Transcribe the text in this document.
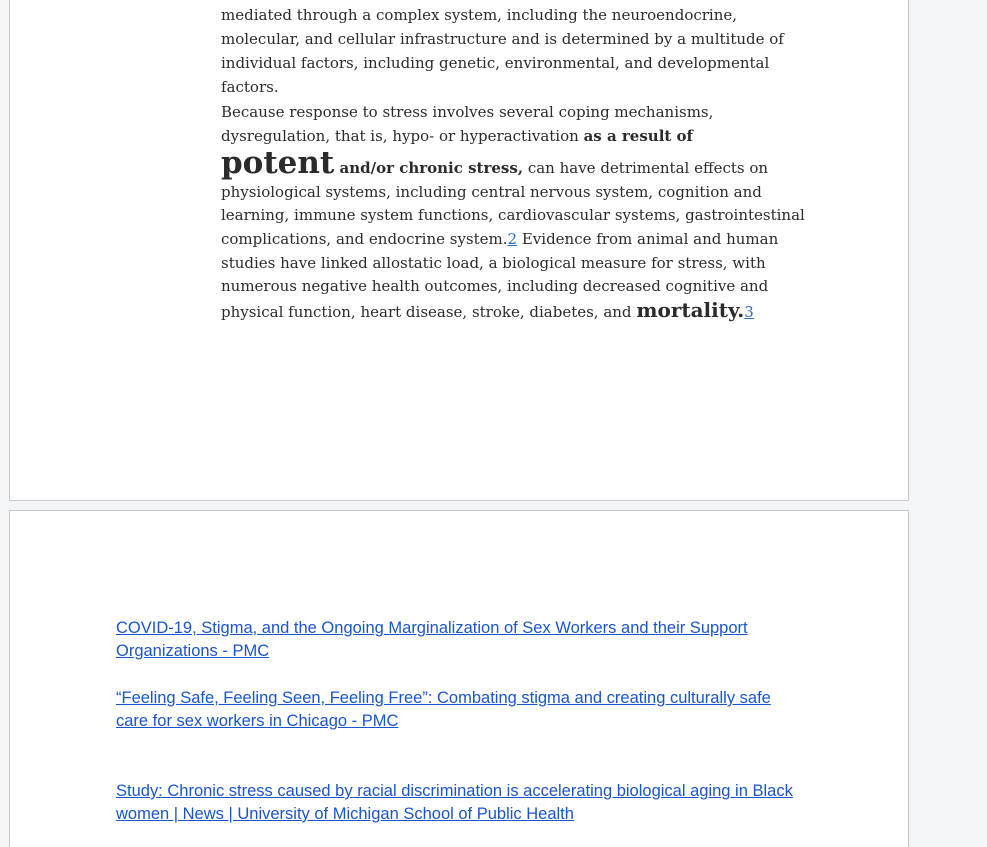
mediated through a complex system, including the neuroendocrine, molecular, and cellular infrastructure and is determined by a multitude of individual factors, including genetic, environmental, and developmental factors.

Because response to stress involves several coping mechanisms, dysregulation, that is, hypo- or hyperactivation as a result of potent and/or chronic stress, can have detrimental effects on physiological systems, including central nervous system, cognition and learning, immune system functions, cardiovascular systems, gastrointestinal complications, and endocrine system.2 Evidence from animal and human studies have linked allostatic load, a biological measure for stress, with numerous negative health outcomes, including decreased cognitive and physical function, heart disease, stroke, diabetes, and mortality.3

COVID-19, Stigma, and the Ongoing Marginalization of Sex Workers and their Support Organizations - PMC
“Feeling Safe, Feeling Seen, Feeling Free”: Combating stigma and creating culturally safe care for sex workers in Chicago - PMC
Study: Chronic stress caused by racial discrimination is accelerating biological aging in Black women | News | University of Michigan School of Public Health
